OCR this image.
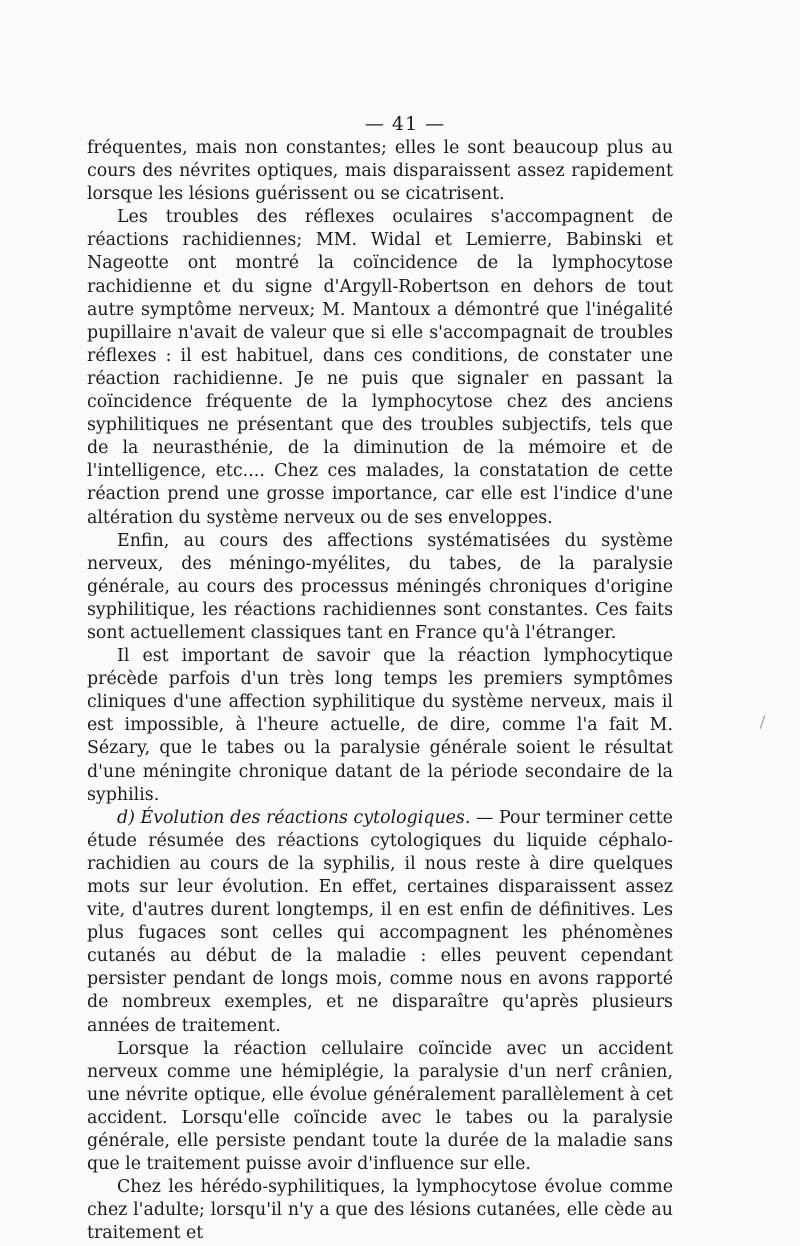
— 41 —

fréquentes, mais non constantes; elles le sont beaucoup plus au cours des névrites optiques, mais disparaissent assez rapidement lorsque les lésions guérissent ou se cicatrisent.

Les troubles des réflexes oculaires s'accompagnent de réactions rachidiennes; MM. Widal et Lemierre, Babinski et Nageotte ont montré la coïncidence de la lymphocytose rachidienne et du signe d'Argyll-Robertson en dehors de tout autre symptôme nerveux; M. Mantoux a démontré que l'inégalité pupillaire n'avait de valeur que si elle s'accompagnait de troubles réflexes : il est habituel, dans ces conditions, de constater une réaction rachidienne. Je ne puis que signaler en passant la coïncidence fréquente de la lymphocytose chez des anciens syphilitiques ne présentant que des troubles subjectifs, tels que de la neurasthénie, de la diminution de la mémoire et de l'intelligence, etc.... Chez ces malades, la constatation de cette réaction prend une grosse importance, car elle est l'indice d'une altération du système nerveux ou de ses enveloppes.

Enfin, au cours des affections systématisées du système nerveux, des méningo-myélites, du tabes, de la paralysie générale, au cours des processus méningés chroniques d'origine syphilitique, les réactions rachidiennes sont constantes. Ces faits sont actuellement classiques tant en France qu'à l'étranger.

Il est important de savoir que la réaction lymphocytique précède parfois d'un très long temps les premiers symptômes cliniques d'une affection syphilitique du système nerveux, mais il est impossible, à l'heure actuelle, de dire, comme l'a fait M. Sézary, que le tabes ou la paralysie générale soient le résultat d'une méningite chronique datant de la période secondaire de la syphilis.

d) Évolution des réactions cytologiques. — Pour terminer cette étude résumée des réactions cytologiques du liquide céphalo-rachidien au cours de la syphilis, il nous reste à dire quelques mots sur leur évolution. En effet, certaines disparaissent assez vite, d'autres durent longtemps, il en est enfin de définitives. Les plus fugaces sont celles qui accompagnent les phénomènes cutanés au début de la maladie : elles peuvent cependant persister pendant de longs mois, comme nous en avons rapporté de nombreux exemples, et ne disparaître qu'après plusieurs années de traitement.

Lorsque la réaction cellulaire coïncide avec un accident nerveux comme une hémiplégie, la paralysie d'un nerf crânien, une névrite optique, elle évolue généralement parallèlement à cet accident. Lorsqu'elle coïncide avec le tabes ou la paralysie générale, elle persiste pendant toute la durée de la maladie sans que le traitement puisse avoir d'influence sur elle.

Chez les hérédo-syphilitiques, la lymphocytose évolue comme chez l'adulte; lorsqu'il n'y a que des lésions cutanées, elle cède au traitement et
